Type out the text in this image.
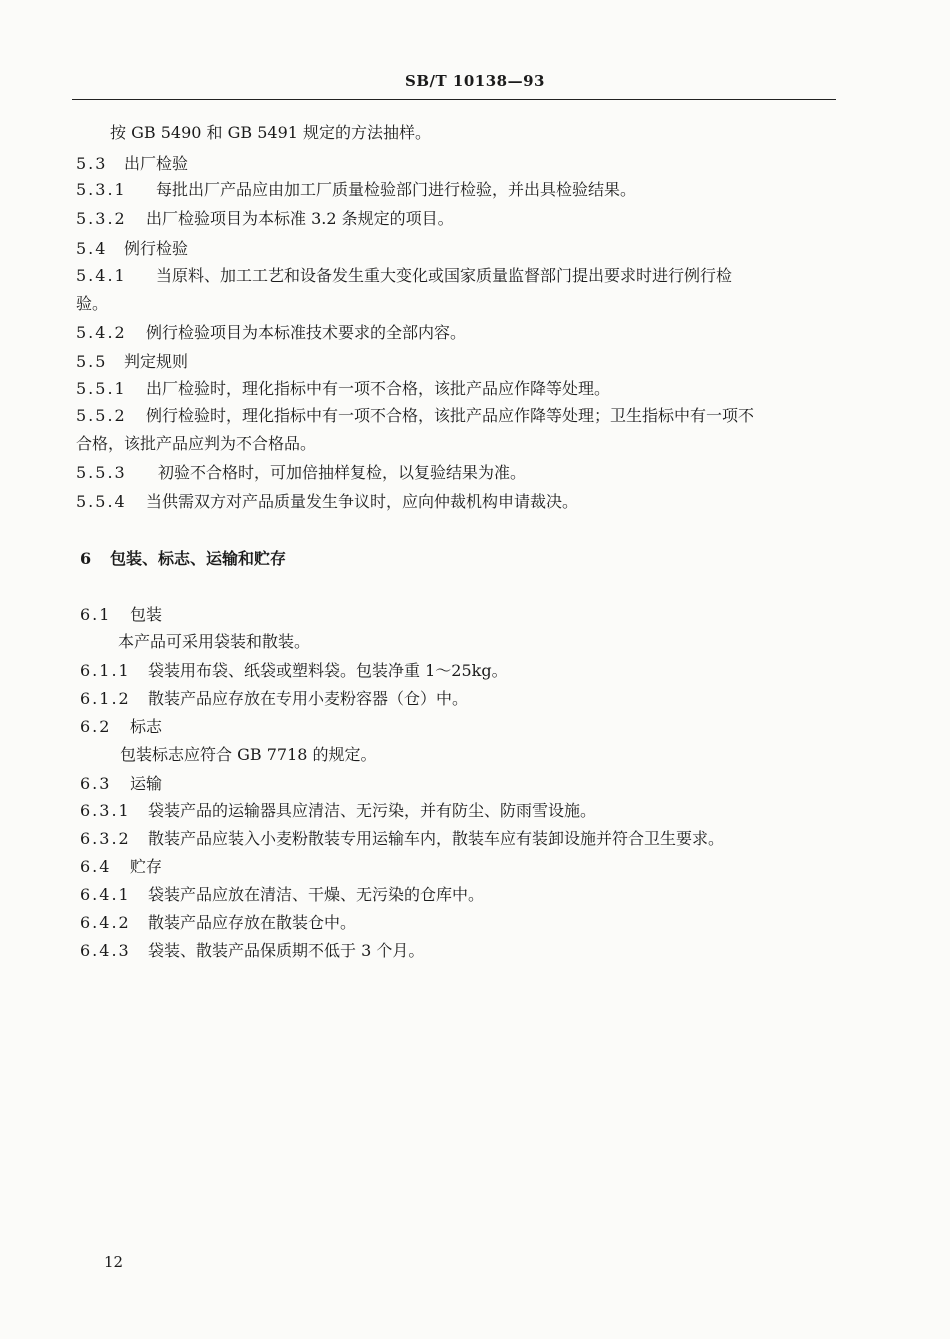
SB/T 10138—93
按 GB 5490 和 GB 5491 规定的方法抽样。
5.3 出厂检验
5.3.1 每批出厂产品应由加工厂质量检验部门进行检验，并出具检验结果。
5.3.2 出厂检验项目为本标准 3.2 条规定的项目。
5.4 例行检验
5.4.1 当原料、加工工艺和设备发生重大变化或国家质量监督部门提出要求时进行例行检
验。
5.4.2 例行检验项目为本标准技术要求的全部内容。
5.5 判定规则
5.5.1 出厂检验时，理化指标中有一项不合格，该批产品应作降等处理。
5.5.2 例行检验时，理化指标中有一项不合格，该批产品应作降等处理；卫生指标中有一项不
合格，该批产品应判为不合格品。
5.5.3 初验不合格时，可加倍抽样复检，以复验结果为准。
5.5.4 当供需双方对产品质量发生争议时，应向仲裁机构申请裁决。
6 包装、标志、运输和贮存
6.1 包装
本产品可采用袋装和散装。
6.1.1 袋装用布袋、纸袋或塑料袋。包装净重 1～25kg。
6.1.2 散装产品应存放在专用小麦粉容器（仓）中。
6.2 标志
包装标志应符合 GB 7718 的规定。
6.3 运输
6.3.1 袋装产品的运输器具应清洁、无污染，并有防尘、防雨雪设施。
6.3.2 散装产品应装入小麦粉散装专用运输车内，散装车应有装卸设施并符合卫生要求。
6.4 贮存
6.4.1 袋装产品应放在清洁、干燥、无污染的仓库中。
6.4.2 散装产品应存放在散装仓中。
6.4.3 袋装、散装产品保质期不低于 3 个月。
12
